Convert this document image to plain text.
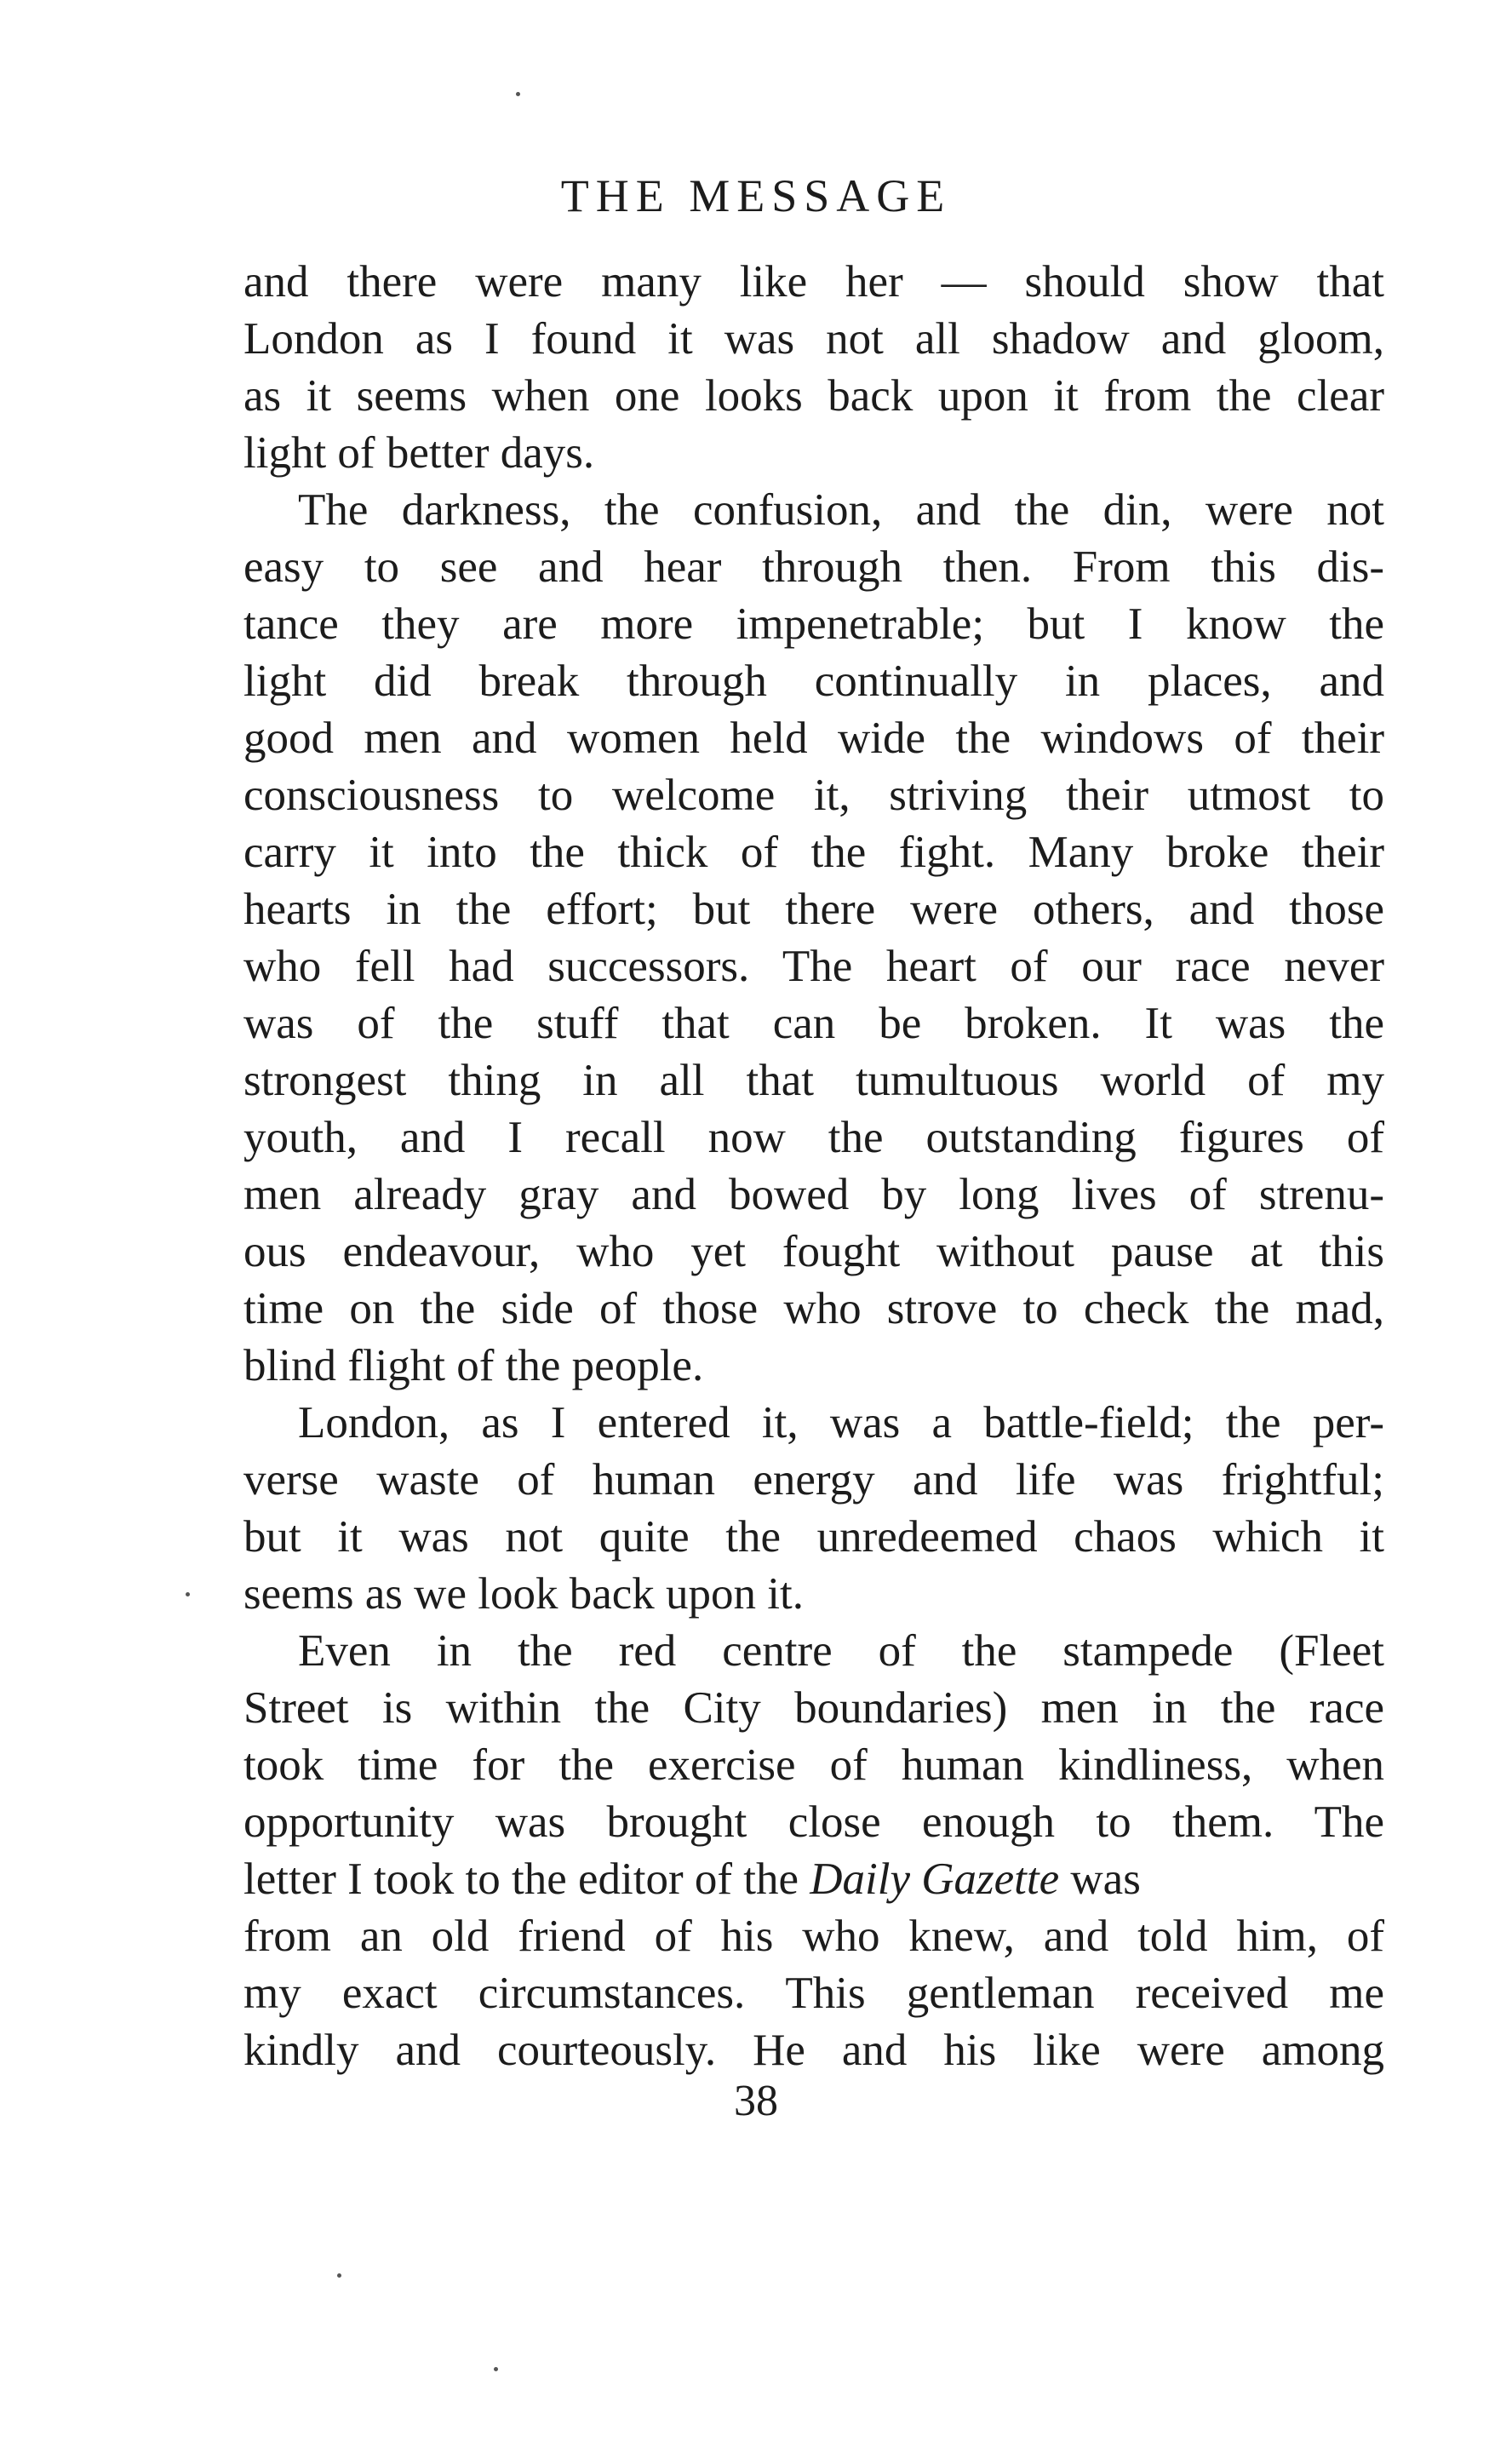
THE MESSAGE
and there were many like her — should show that
London as I found it was not all shadow and gloom,
as it seems when one looks back upon it from the clear
light of better days.
The darkness, the confusion, and the din, were not
easy to see and hear through then. From this dis-
tance they are more impenetrable; but I know the
light did break through continually in places, and
good men and women held wide the windows of their
consciousness to welcome it, striving their utmost to
carry it into the thick of the fight. Many broke their
hearts in the effort; but there were others, and those
who fell had successors. The heart of our race never
was of the stuff that can be broken. It was the
strongest thing in all that tumultuous world of my
youth, and I recall now the outstanding figures of
men already gray and bowed by long lives of strenu-
ous endeavour, who yet fought without pause at this
time on the side of those who strove to check the mad,
blind flight of the people.
London, as I entered it, was a battle-field; the per-
verse waste of human energy and life was frightful;
but it was not quite the unredeemed chaos which it
seems as we look back upon it.
Even in the red centre of the stampede (Fleet
Street is within the City boundaries) men in the race
took time for the exercise of human kindliness, when
opportunity was brought close enough to them. The
letter I took to the editor of the Daily Gazette was
from an old friend of his who knew, and told him, of
my exact circumstances. This gentleman received me
kindly and courteously. He and his like were among
38
